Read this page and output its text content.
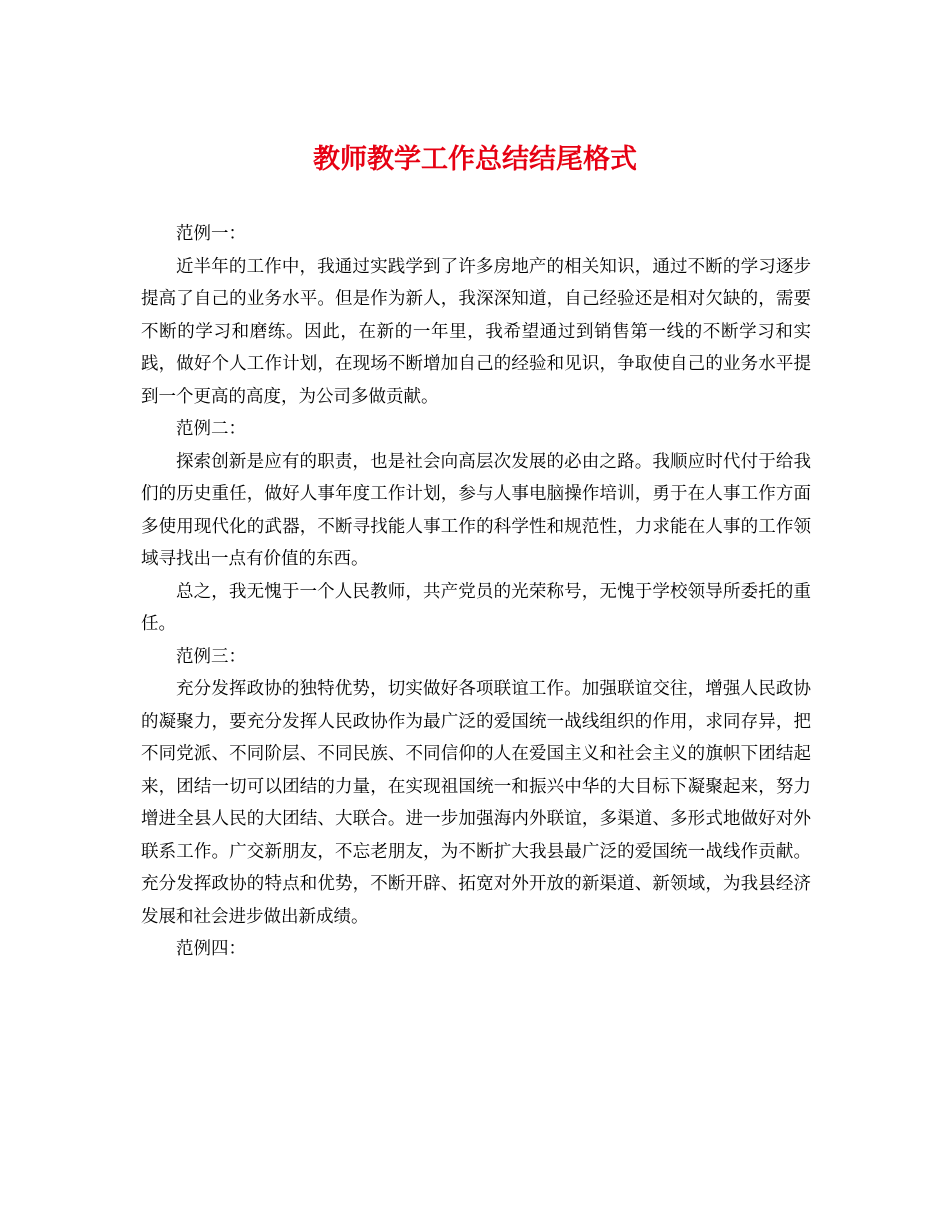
教师教学工作总结结尾格式

范例一：

近半年的工作中，我通过实践学到了许多房地产的相关知识，通过不断的学习逐步提高了自己的业务水平。但是作为新人，我深深知道，自己经验还是相对欠缺的，需要不断的学习和磨练。因此，在新的一年里，我希望通过到销售第一线的不断学习和实践，做好个人工作计划，在现场不断增加自己的经验和见识，争取使自己的业务水平提到一个更高的高度，为公司多做贡献。

范例二：

探索创新是应有的职责，也是社会向高层次发展的必由之路。我顺应时代付于给我们的历史重任，做好人事年度工作计划，参与人事电脑操作培训，勇于在人事工作方面多使用现代化的武器，不断寻找能人事工作的科学性和规范性，力求能在人事的工作领域寻找出一点有价值的东西。

总之，我无愧于一个人民教师，共产党员的光荣称号，无愧于学校领导所委托的重任。

范例三：

充分发挥政协的独特优势，切实做好各项联谊工作。加强联谊交往，增强人民政协的凝聚力，要充分发挥人民政协作为最广泛的爱国统一战线组织的作用，求同存异，把不同党派、不同阶层、不同民族、不同信仰的人在爱国主义和社会主义的旗帜下团结起来，团结一切可以团结的力量，在实现祖国统一和振兴中华的大目标下凝聚起来，努力增进全县人民的大团结、大联合。进一步加强海内外联谊，多渠道、多形式地做好对外联系工作。广交新朋友，不忘老朋友，为不断扩大我县最广泛的爱国统一战线作贡献。充分发挥政协的特点和优势，不断开辟、拓宽对外开放的新渠道、新领域，为我县经济发展和社会进步做出新成绩。

范例四：
